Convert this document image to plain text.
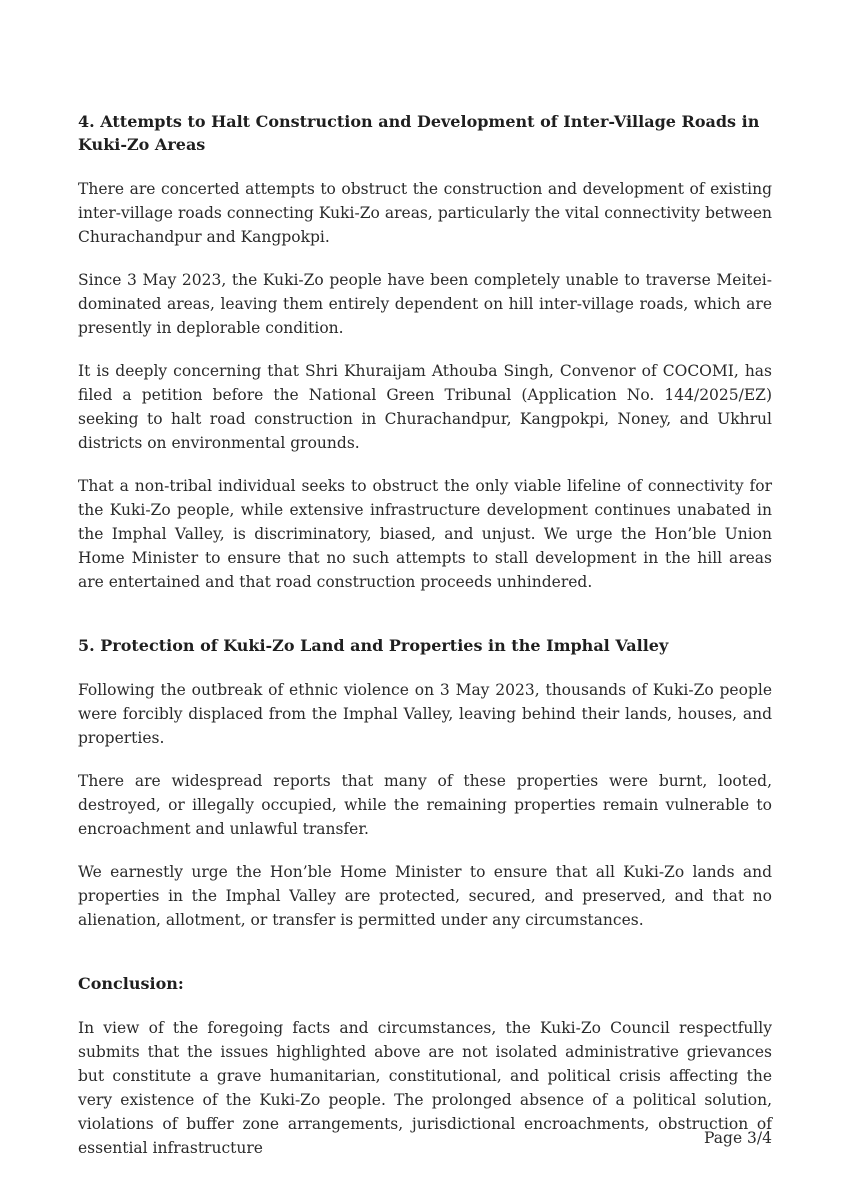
4. Attempts to Halt Construction and Development of Inter-Village Roads in Kuki-Zo Areas

There are concerted attempts to obstruct the construction and development of existing inter-village roads connecting Kuki-Zo areas, particularly the vital connectivity between Churachandpur and Kangpokpi.

Since 3 May 2023, the Kuki-Zo people have been completely unable to traverse Meitei-dominated areas, leaving them entirely dependent on hill inter-village roads, which are presently in deplorable condition.

It is deeply concerning that Shri Khuraijam Athouba Singh, Convenor of COCOMI, has filed a petition before the National Green Tribunal (Application No. 144/2025/EZ) seeking to halt road construction in Churachandpur, Kangpokpi, Noney, and Ukhrul districts on environmental grounds.

That a non-tribal individual seeks to obstruct the only viable lifeline of connectivity for the Kuki-Zo people, while extensive infrastructure development continues unabated in the Imphal Valley, is discriminatory, biased, and unjust. We urge the Hon’ble Union Home Minister to ensure that no such attempts to stall development in the hill areas are entertained and that road construction proceeds unhindered.

5. Protection of Kuki-Zo Land and Properties in the Imphal Valley

Following the outbreak of ethnic violence on 3 May 2023, thousands of Kuki-Zo people were forcibly displaced from the Imphal Valley, leaving behind their lands, houses, and properties.

There are widespread reports that many of these properties were burnt, looted, destroyed, or illegally occupied, while the remaining properties remain vulnerable to encroachment and unlawful transfer.

We earnestly urge the Hon’ble Home Minister to ensure that all Kuki-Zo lands and properties in the Imphal Valley are protected, secured, and preserved, and that no alienation, allotment, or transfer is permitted under any circumstances.

Conclusion:

In view of the foregoing facts and circumstances, the Kuki-Zo Council respectfully submits that the issues highlighted above are not isolated administrative grievances but constitute a grave humanitarian, constitutional, and political crisis affecting the very existence of the Kuki-Zo people. The prolonged absence of a political solution, violations of buffer zone arrangements, jurisdictional encroachments, obstruction of essential infrastructure

Page 3/4
